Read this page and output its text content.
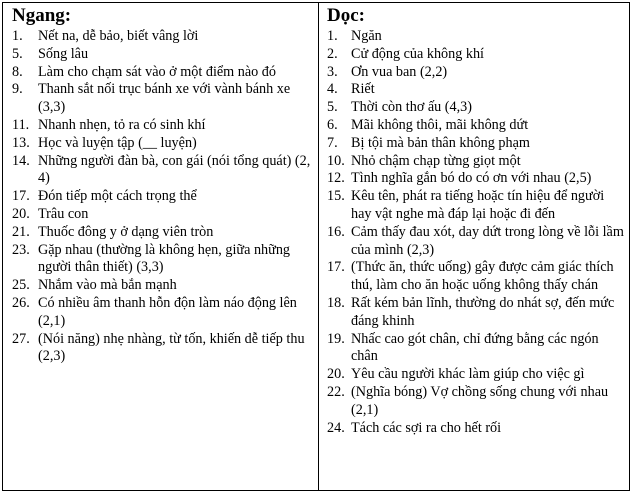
Ngang:
1.	Nết na, dễ bảo, biết vâng lời
5.	Sống lâu
8.	Làm cho chạm sát vào ở một điểm nào đó
9.	Thanh sắt nối trục bánh xe với vành bánh xe (3,3)
11. Nhanh nhẹn, tỏ ra có sinh khí
13. Học và luyện tập (__ luyện)
14. Những người đàn bà, con gái (nói tổng quát) (2, 4)
17. Đón tiếp một cách trọng thể
20. Trâu con
21. Thuốc đông y ở dạng viên tròn
23. Gặp nhau (thường là không hẹn, giữa những người thân thiết) (3,3)
25. Nhắm vào mà bắn mạnh
26. Có nhiều âm thanh hỗn độn làm náo động lên (2,1)
27. (Nói năng) nhẹ nhàng, từ tốn, khiến dễ tiếp thu (2,3)
Dọc:
1. Ngăn
2. Cử động của không khí
3. Ơn vua ban (2,2)
4. Riết
5. Thời còn thơ ấu (4,3)
6. Mãi không thôi, mãi không dứt
7. Bị tội mà bản thân không phạm
10. Nhỏ chậm chạp từng giọt một
12. Tình nghĩa gắn bó do có ơn với nhau (2,5)
15. Kêu tên, phát ra tiếng hoặc tín hiệu để người hay vật nghe mà đáp lại hoặc đi đến
16. Cảm thấy đau xót, day dứt trong lòng về lỗi lầm của mình (2,3)
17. (Thức ăn, thức uống) gây được cảm giác thích thú, làm cho ăn hoặc uống không thấy chán
18. Rất kém bản lĩnh, thường do nhát sợ, đến mức đáng khinh
19. Nhấc cao gót chân, chỉ đứng bằng các ngón chân
20. Yêu cầu người khác làm giúp cho việc gì
22. (Nghĩa bóng) Vợ chồng sống chung với nhau (2,1)
24. Tách các sợi ra cho hết rối
